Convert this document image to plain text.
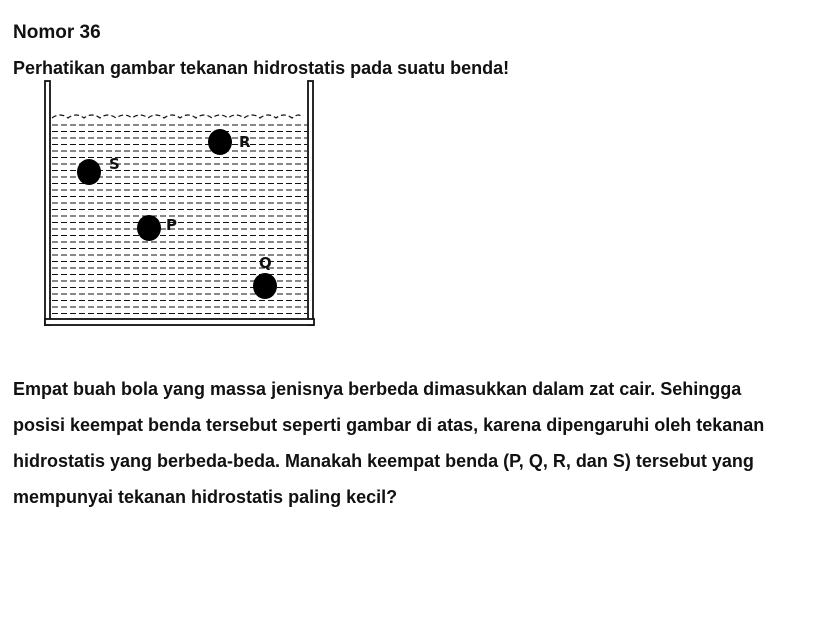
Nomor 36

Perhatikan gambar tekanan hidrostatis pada suatu benda!

R
S
P
Q

Empat buah bola yang massa jenisnya berbeda dimasukkan dalam zat cair. Sehingga
posisi keempat benda tersebut seperti gambar di atas, karena dipengaruhi oleh tekanan
hidrostatis yang berbeda-beda. Manakah keempat benda (P, Q, R, dan S) tersebut yang
mempunyai tekanan hidrostatis paling kecil?
